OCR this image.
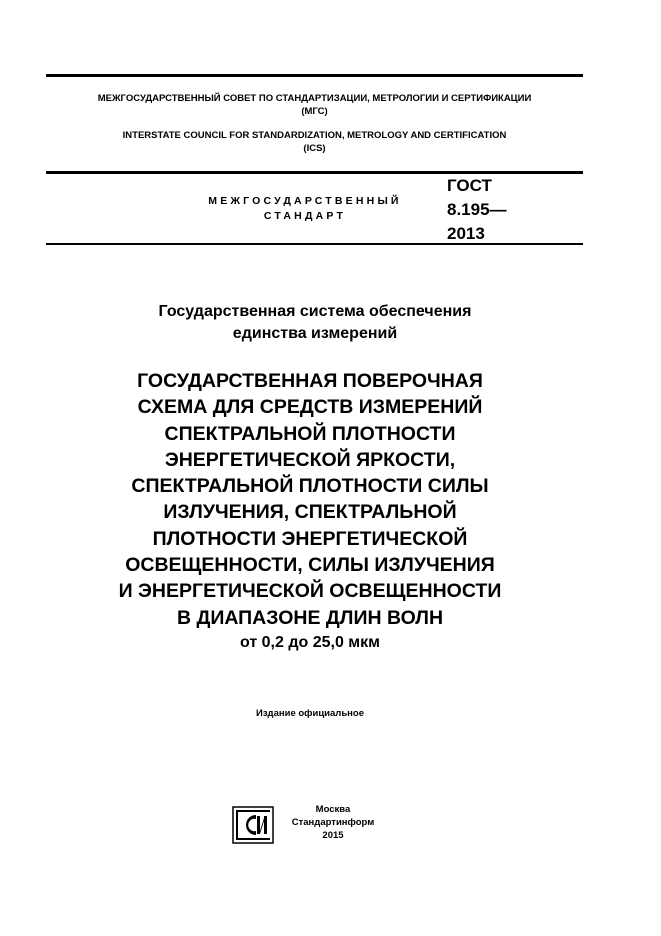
МЕЖГОСУДАРСТВЕННЫЙ СОВЕТ ПО СТАНДАРТИЗАЦИИ, МЕТРОЛОГИИ И СЕРТИФИКАЦИИ
(МГС)
INTERSTATE COUNCIL FOR STANDARDIZATION, METROLOGY AND CERTIFICATION
(ICS)
МЕЖГОСУДАРСТВЕННЫЙ
СТАНДАРТ
ГОСТ
8.195—
2013
Государственная система обеспечения
единства измерений
ГОСУДАРСТВЕННАЯ ПОВЕРОЧНАЯ
СХЕМА ДЛЯ СРЕДСТВ ИЗМЕРЕНИЙ
СПЕКТРАЛЬНОЙ ПЛОТНОСТИ
ЭНЕРГЕТИЧЕСКОЙ ЯРКОСТИ,
СПЕКТРАЛЬНОЙ ПЛОТНОСТИ СИЛЫ
ИЗЛУЧЕНИЯ, СПЕКТРАЛЬНОЙ
ПЛОТНОСТИ ЭНЕРГЕТИЧЕСКОЙ
ОСВЕЩЕННОСТИ, СИЛЫ ИЗЛУЧЕНИЯ
И ЭНЕРГЕТИЧЕСКОЙ ОСВЕЩЕННОСТИ
В ДИАПАЗОНЕ ДЛИН ВОЛН
от 0,2 до 25,0 мкм
Издание официальное
Москва
Стандартинформ
2015
